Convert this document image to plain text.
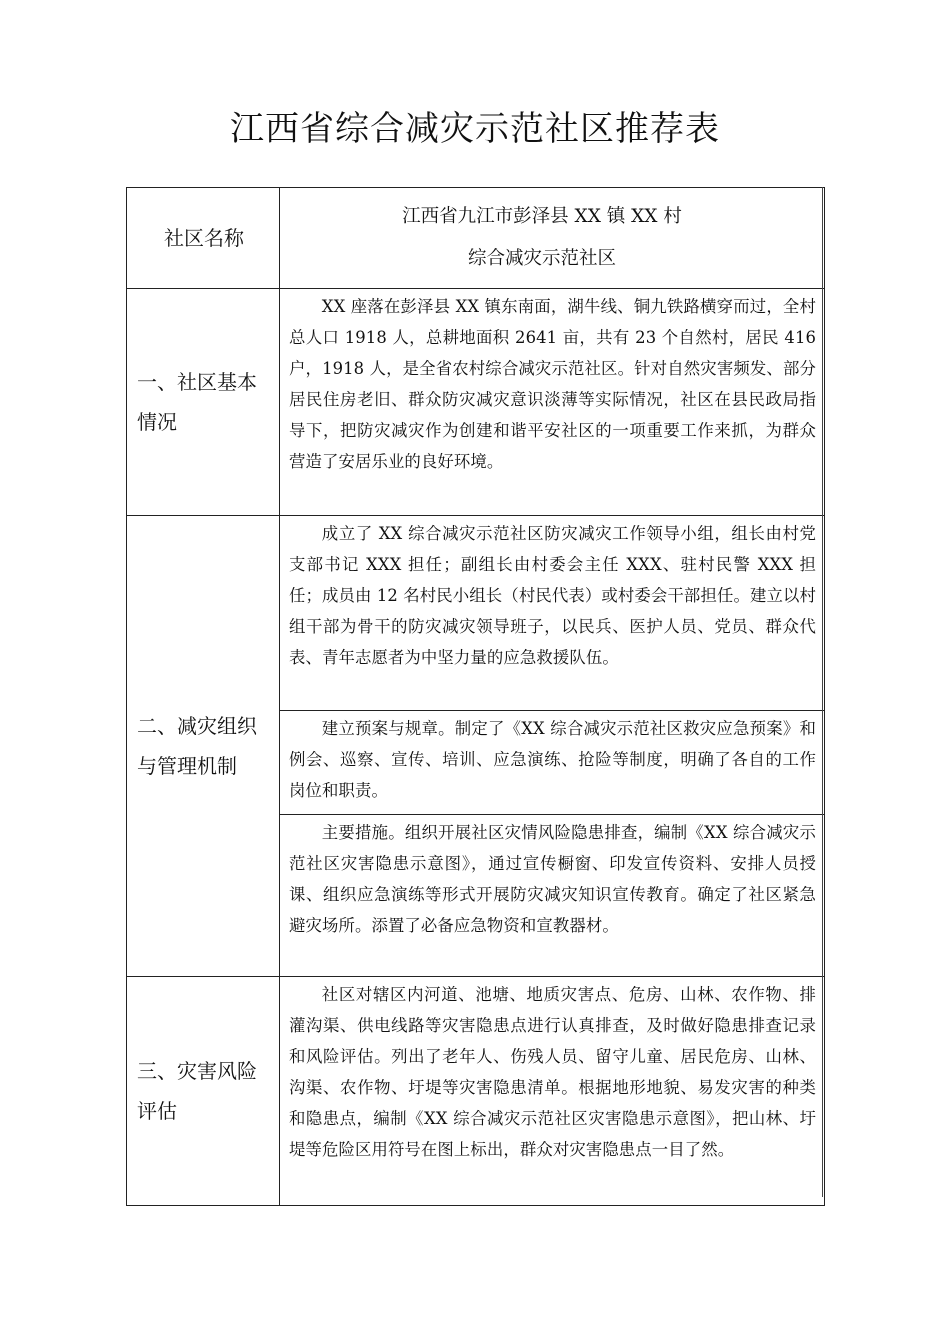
江西省综合减灾示范社区推荐表
社区名称	江西省九江市彭泽县 XX 镇 XX 村
综合减灾示范社区

一、社区基本情况	XX 座落在彭泽县 XX 镇东南面，湖牛线、铜九铁路横穿而过，全村总人口 1918 人，总耕地面积 2641 亩，共有 23 个自然村，居民 416 户，1918 人，是全省农村综合减灾示范社区。针对自然灾害频发、部分居民住房老旧、群众防灾减灾意识淡薄等实际情况，社区在县民政局指导下，把防灾减灾作为创建和谐平安社区的一项重要工作来抓，为群众营造了安居乐业的良好环境。

二、减灾组织与管理机制	成立了 XX 综合减灾示范社区防灾减灾工作领导小组，组长由村党支部书记 XXX 担任；副组长由村委会主任 XXX、驻村民警 XXX 担任；成员由 12 名村民小组长（村民代表）或村委会干部担任。建立以村组干部为骨干的防灾减灾领导班子，以民兵、医护人员、党员、群众代表、青年志愿者为中坚力量的应急救援队伍。

	建立预案与规章。制定了《XX 综合减灾示范社区救灾应急预案》和例会、巡察、宣传、培训、应急演练、抢险等制度，明确了各自的工作岗位和职责。

	主要措施。组织开展社区灾情风险隐患排查，编制《XX 综合减灾示范社区灾害隐患示意图》，通过宣传橱窗、印发宣传资料、安排人员授课、组织应急演练等形式开展防灾减灾知识宣传教育。确定了社区紧急避灾场所。添置了必备应急物资和宣教器材。

三、灾害风险评估	社区对辖区内河道、池塘、地质灾害点、危房、山林、农作物、排灌沟渠、供电线路等灾害隐患点进行认真排查，及时做好隐患排查记录和风险评估。列出了老年人、伤残人员、留守儿童、居民危房、山林、沟渠、农作物、圩堤等灾害隐患清单。根据地形地貌、易发灾害的种类和隐患点，编制《XX 综合减灾示范社区灾害隐患示意图》，把山林、圩堤等危险区用符号在图上标出，群众对灾害隐患点一目了然。
